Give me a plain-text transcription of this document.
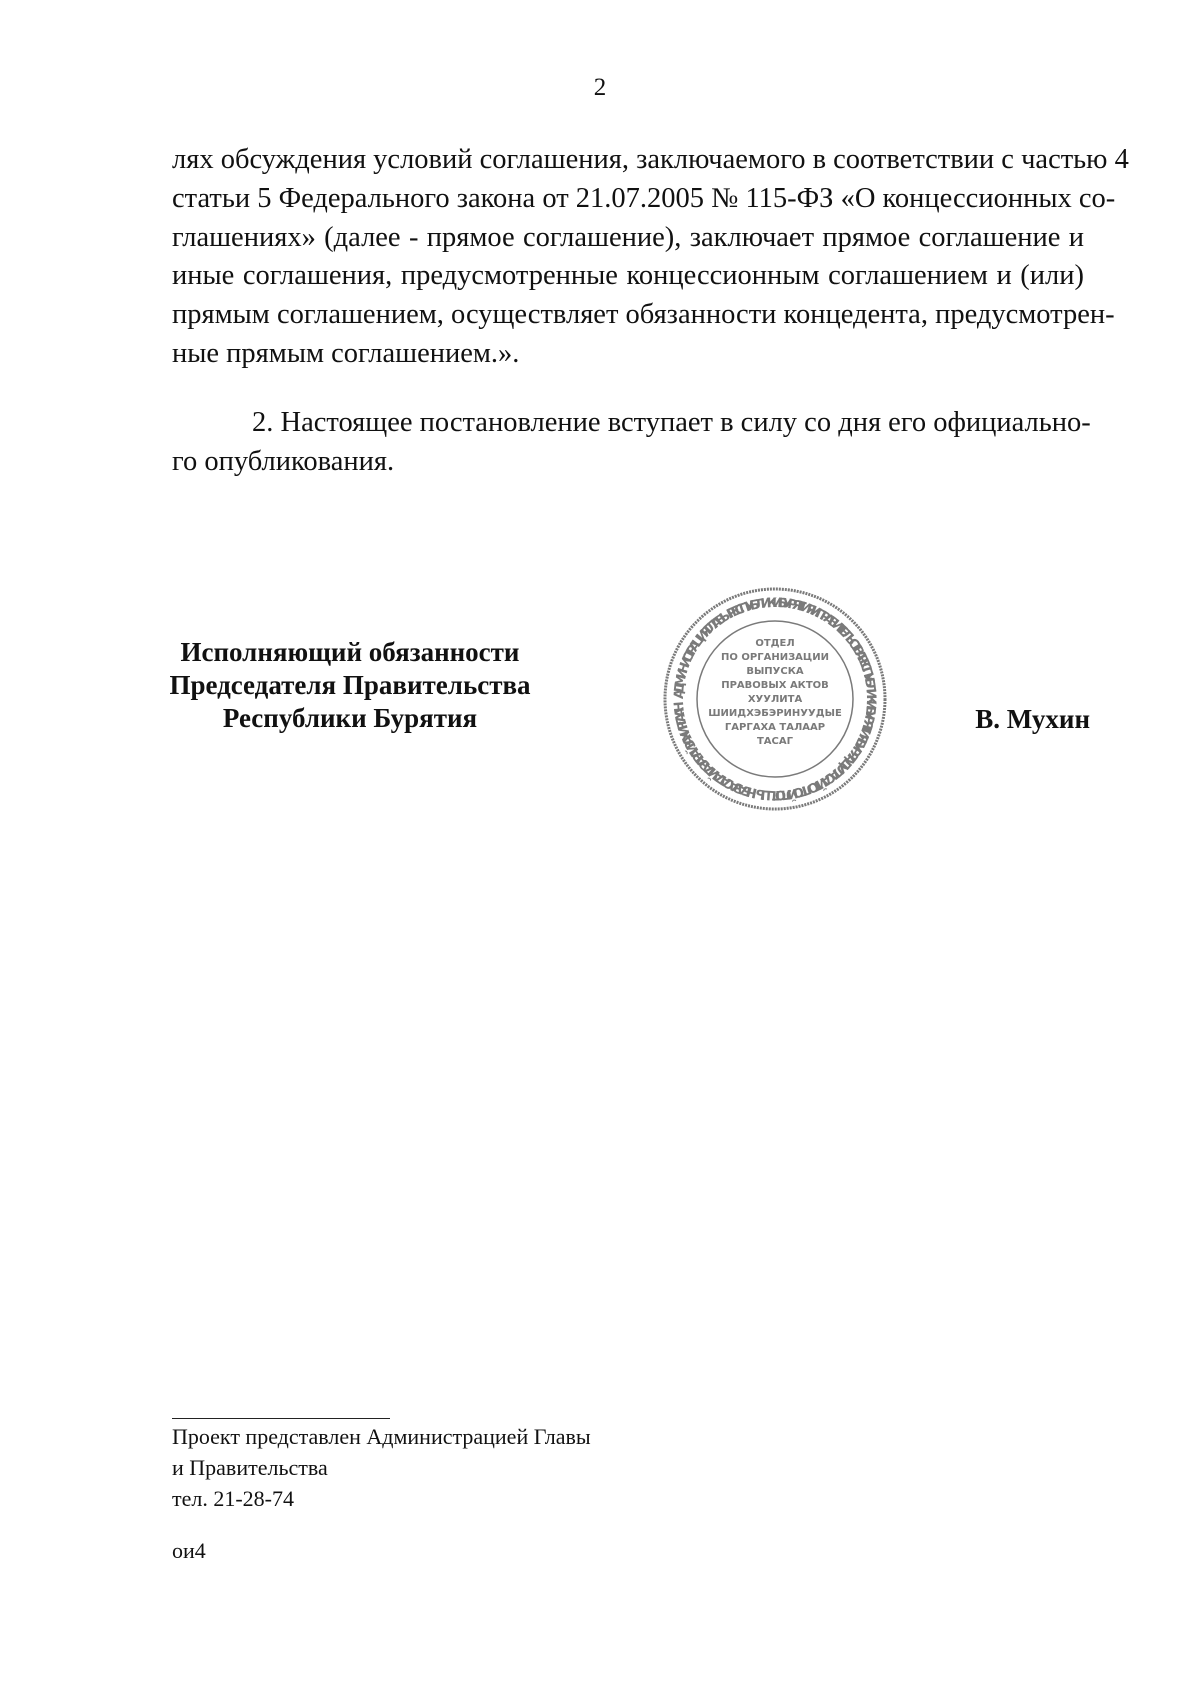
2
лях обсуждения условий соглашения, заключаемого в соответствии с частью 4
статьи 5 Федерального закона от 21.07.2005 № 115-ФЗ «О концессионных со-
глашениях» (далее - прямое соглашение), заключает прямое соглашение и
иные соглашения, предусмотренные концессионным соглашением и (или)
прямым соглашением, осуществляет обязанности концедента, предусмотрен-
ные прямым соглашением.».
2. Настоящее постановление вступает в силу со дня его официально-
го опубликования.
Исполняющий обязанности
Председателя Правительства
Республики Бурятия
АДМИНИСТРАЦИЯ ГЛАВЫ РЕСПУБЛИКИ БУРЯТИЯ И ПРАВИТЕЛЬСТВА РЕСПУБЛИКИ БУРЯТИЯ БУРЯАД УЛАСАЙ ТОЛГОЙЛОГШЫН БА ЗАСАГАЙ ГАЗАРАЙ ЗАХИРГААН
ОТДЕЛ
ПО ОРГАНИЗАЦИИ
ВЫПУСКА
ПРАВОВЫХ АКТОВ
ХУУЛИТА
ШИИДХЭБЭРИНУУДЫЕ
ГАРГАХА ТАЛААР
ТАСАГ
В. Мухин
Проект представлен Администрацией Главы
и Правительства
тел. 21-28-74
ои4
